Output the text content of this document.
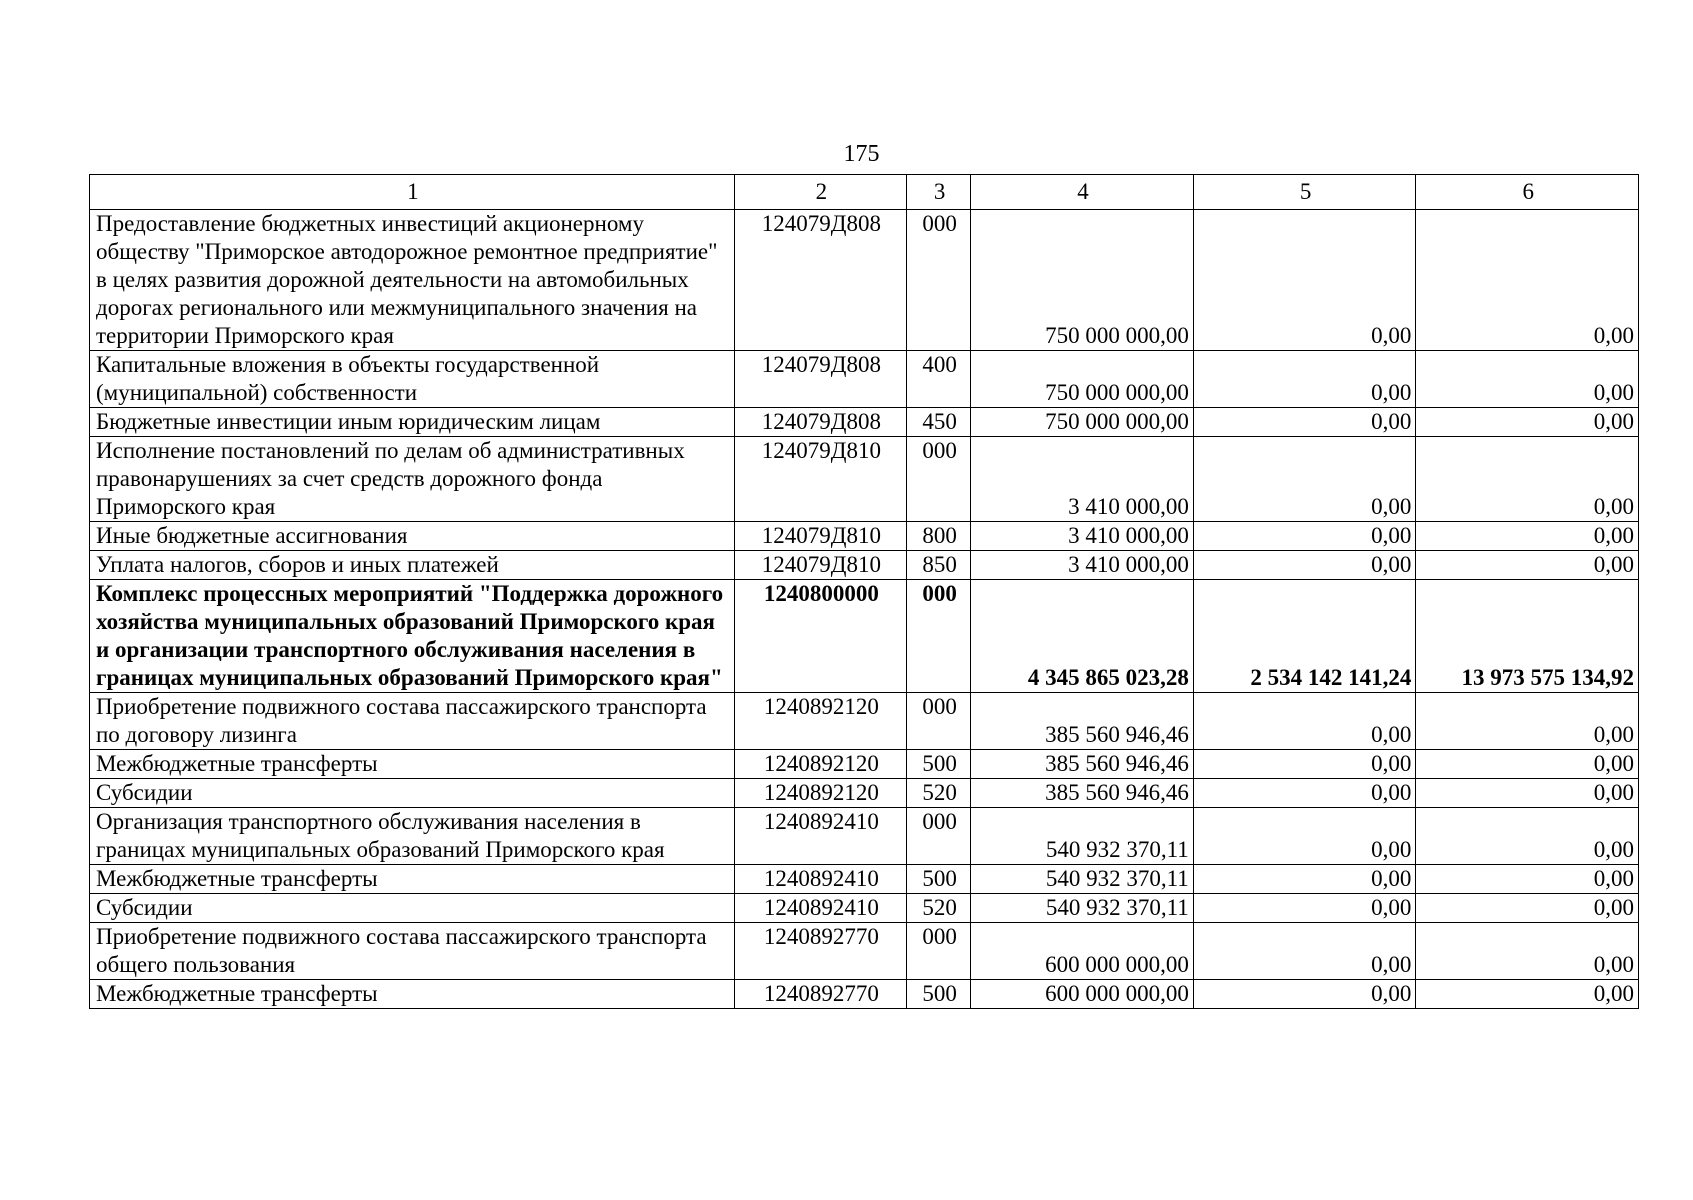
175
1	2	3	4	5	6
Предоставление бюджетных инвестиций акционерному обществу "Приморское автодорожное ремонтное предприятие" в целях развития дорожной деятельности на автомобильных дорогах регионального или межмуниципального значения на территории Приморского края	124079Д808	000	750 000 000,00	0,00	0,00
Капитальные вложения в объекты государственной (муниципальной) собственности	124079Д808	400	750 000 000,00	0,00	0,00
Бюджетные инвестиции иным юридическим лицам	124079Д808	450	750 000 000,00	0,00	0,00
Исполнение постановлений по делам об административных правонарушениях за счет средств дорожного фонда Приморского края	124079Д810	000	3 410 000,00	0,00	0,00
Иные бюджетные ассигнования	124079Д810	800	3 410 000,00	0,00	0,00
Уплата налогов, сборов и иных платежей	124079Д810	850	3 410 000,00	0,00	0,00
Комплекс процессных мероприятий "Поддержка дорожного хозяйства муниципальных образований Приморского края и организации транспортного обслуживания населения в границах муниципальных образований Приморского края"	1240800000	000	4 345 865 023,28	2 534 142 141,24	13 973 575 134,92
Приобретение подвижного состава пассажирского транспорта по договору лизинга	1240892120	000	385 560 946,46	0,00	0,00
Межбюджетные трансферты	1240892120	500	385 560 946,46	0,00	0,00
Субсидии	1240892120	520	385 560 946,46	0,00	0,00
Организация транспортного обслуживания населения в границах муниципальных образований Приморского края	1240892410	000	540 932 370,11	0,00	0,00
Межбюджетные трансферты	1240892410	500	540 932 370,11	0,00	0,00
Субсидии	1240892410	520	540 932 370,11	0,00	0,00
Приобретение подвижного состава пассажирского транспорта общего пользования	1240892770	000	600 000 000,00	0,00	0,00
Межбюджетные трансферты	1240892770	500	600 000 000,00	0,00	0,00
